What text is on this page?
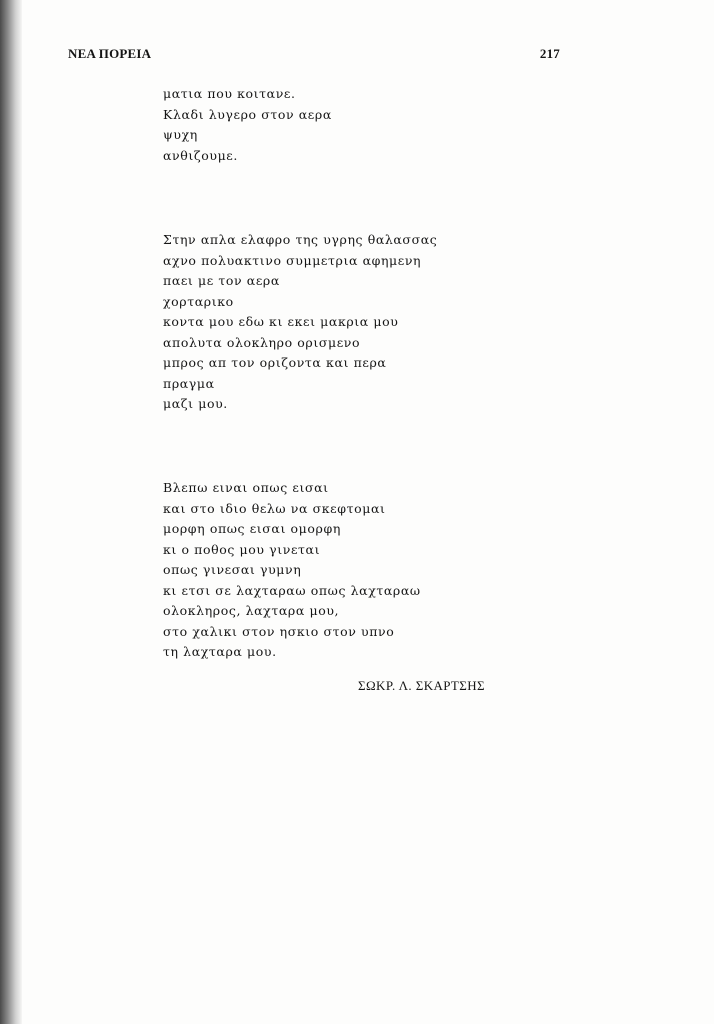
ΝΕΑ ΠΟΡΕΙΑ	217
ματια που κοιτανε.
Κλαδι λυγερο στον αερα
ψυχη
ανθιζουμε.
Στην απλα ελαφρο της υγρης θαλασσας
αχνο πολυακτινο συμμετρια αφημενη
παει με τον αερα
χορταρικο
κοντα μου εδω κι εκει μακρια μου
απολυτα ολοκληρο ορισμενο
μπρος απ τον οριζοντα και περα
πραγμα
μαζι μου.
Βλεπω ειναι οπως εισαι
και στο ιδιο θελω να σκεφτομαι
μορφη οπως εισαι ομορφη
κι ο ποθος μου γινεται
οπως γινεσαι γυμνη
κι ετσι σε λαχταραω οπως λαχταραω
ολοκληρος, λαχταρα μου,
στο χαλικι στον ησκιο στον υπνο
τη λαχταρα μου.
ΣΩΚΡ. Λ. ΣΚΑΡΤΣΗΣ
